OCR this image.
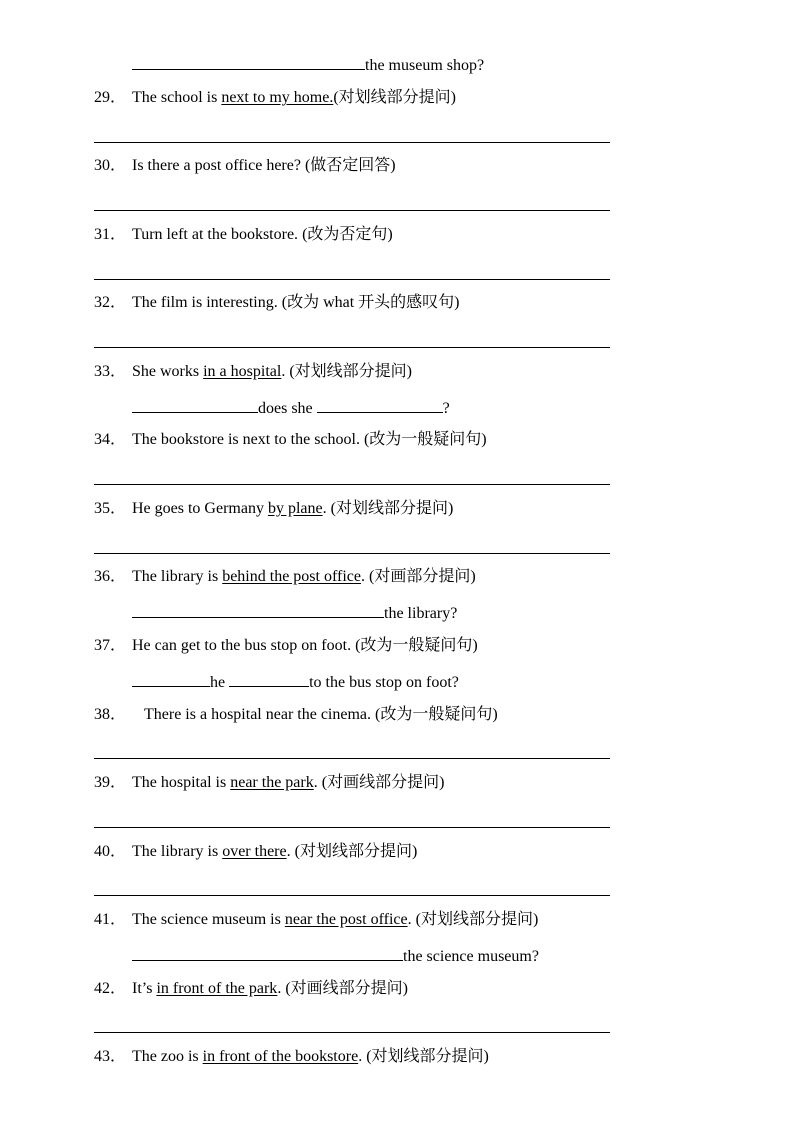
the museum shop?
29． The school is next to my home.(对划线部分提问)
30． Is there a post office here? (做否定回答)
31． Turn left at the bookstore. (改为否定句)
32． The film is interesting. (改为 what 开头的感叹句)
33． She works in a hospital. (对划线部分提问)
does she	?
34． The bookstore is next to the school. (改为一般疑问句)
35． He goes to Germany by plane. (对划线部分提问)
36． The library is behind the post office. (对画部分提问)
the library?
37． He can get to the bus stop on foot. (改为一般疑问句)
he	to the bus stop on foot?
38． There is a hospital near the cinema. (改为一般疑问句)
39． The hospital is near the park. (对画线部分提问)
40． The library is over there. (对划线部分提问)
41． The science museum is near the post office. (对划线部分提问)
the science museum?
42． It’s in front of the park. (对画线部分提问)
43． The zoo is in front of the bookstore. (对划线部分提问)
